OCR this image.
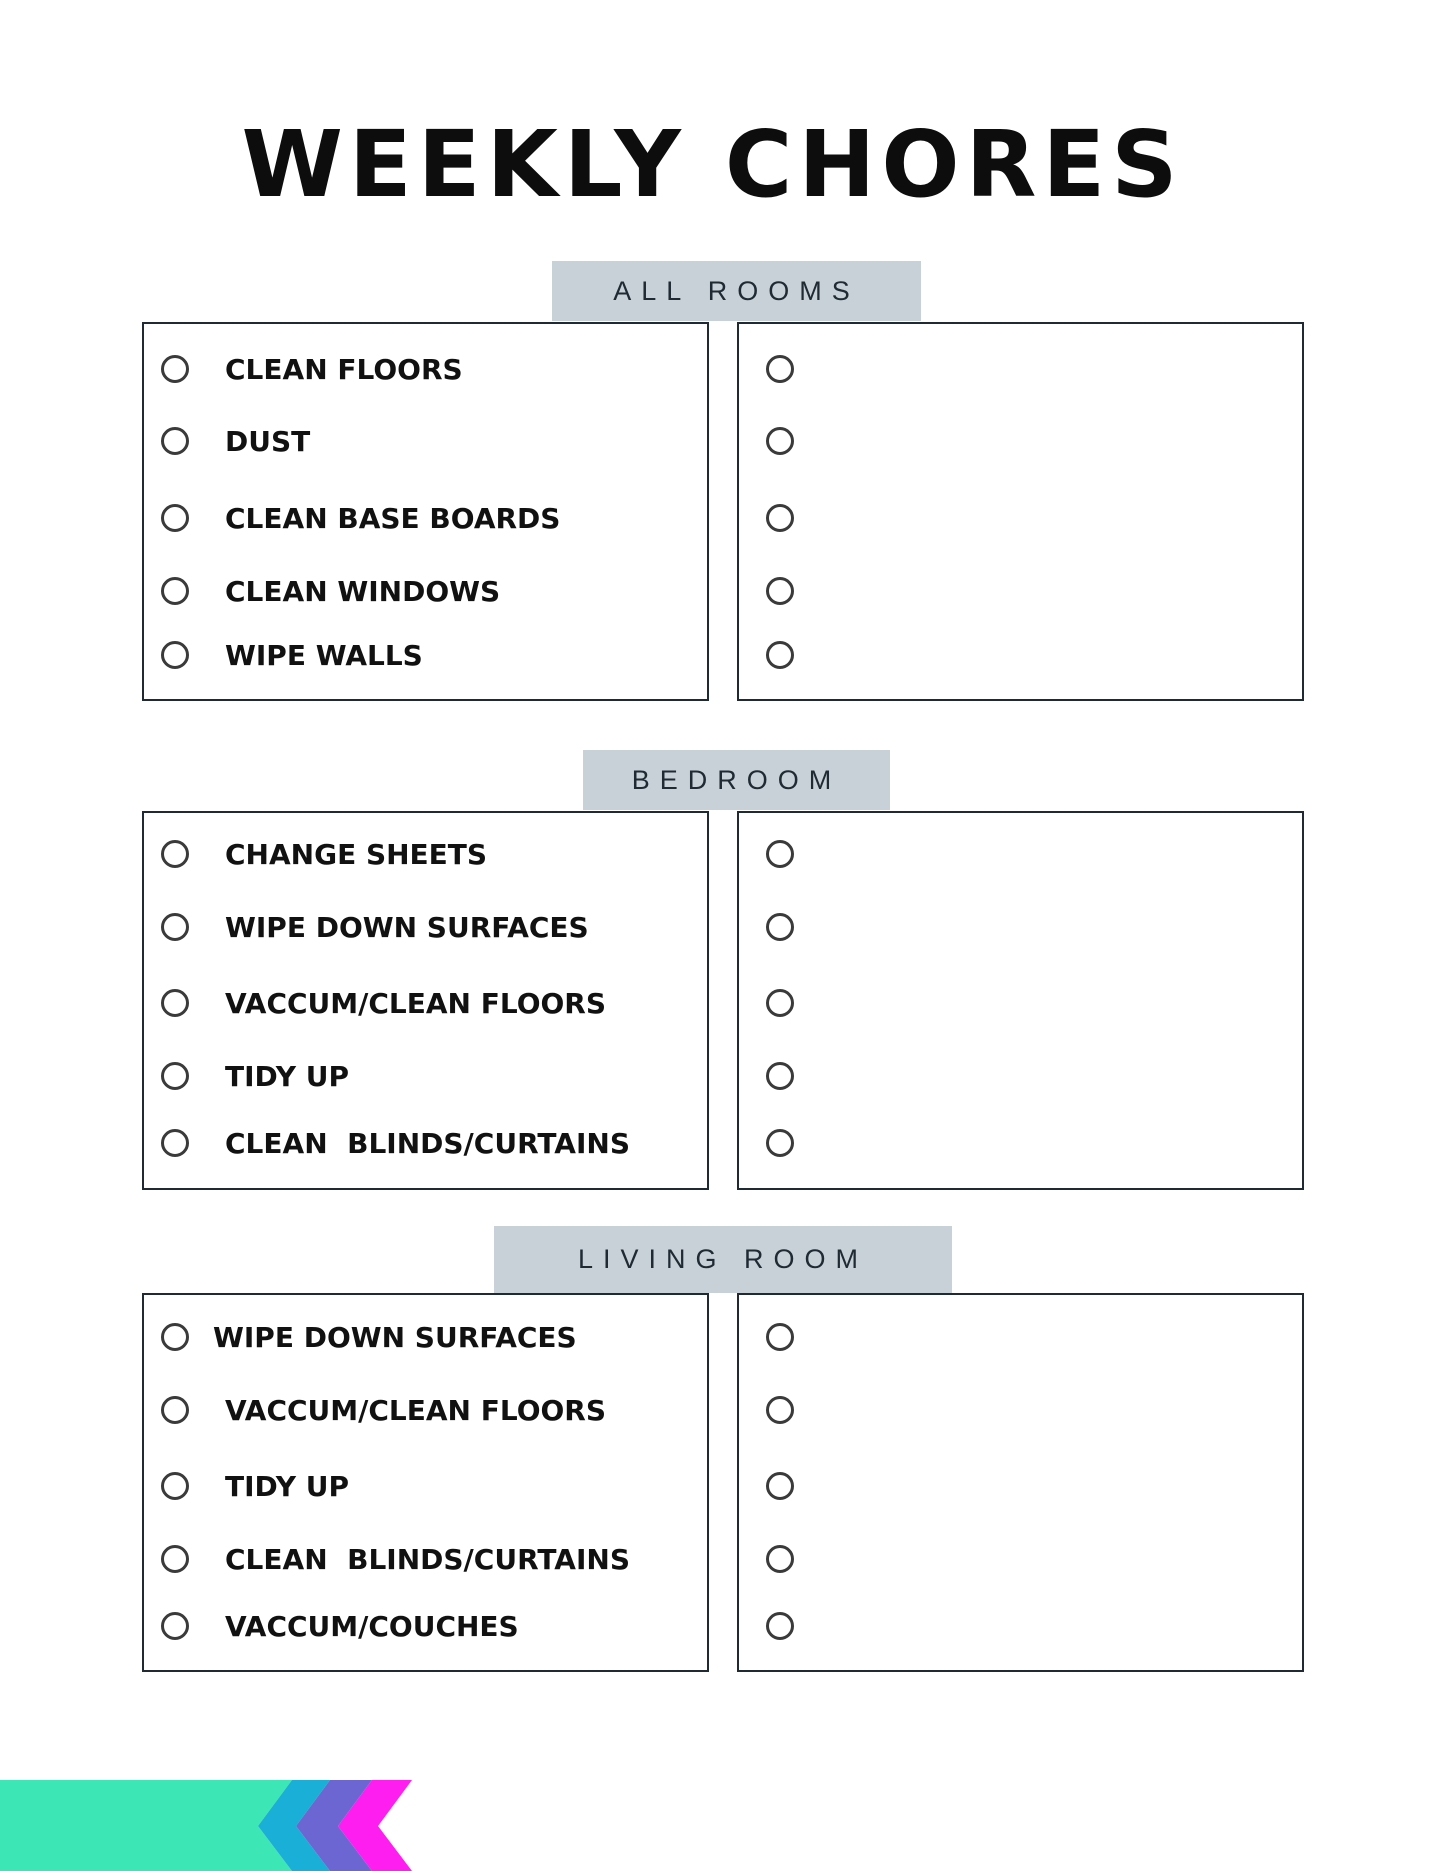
WEEKLY CHORES
ALL ROOMS
CLEAN FLOORS
DUST
CLEAN BASE BOARDS
CLEAN WINDOWS
WIPE WALLS
BEDROOM
CHANGE SHEETS
WIPE DOWN SURFACES
VACCUM/CLEAN FLOORS
TIDY UP
CLEAN  BLINDS/CURTAINS
LIVING ROOM
WIPE DOWN SURFACES
VACCUM/CLEAN FLOORS
TIDY UP
CLEAN  BLINDS/CURTAINS
VACCUM/COUCHES
